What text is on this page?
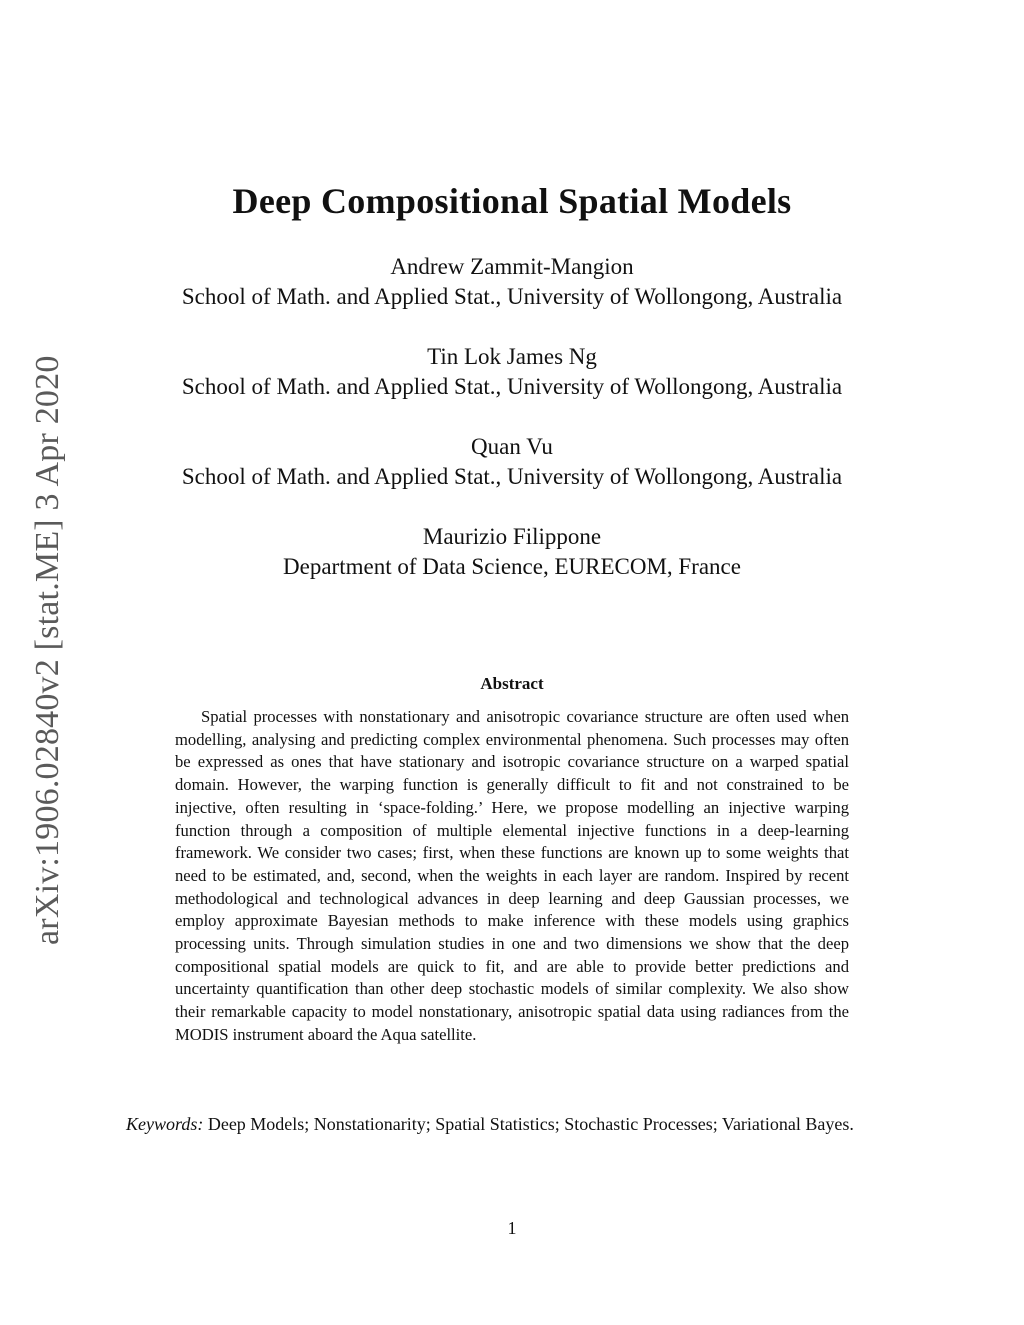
arXiv:1906.02840v2 [stat.ME] 3 Apr 2020
Deep Compositional Spatial Models
Andrew Zammit-Mangion
School of Math. and Applied Stat., University of Wollongong, Australia
Tin Lok James Ng
School of Math. and Applied Stat., University of Wollongong, Australia
Quan Vu
School of Math. and Applied Stat., University of Wollongong, Australia
Maurizio Filippone
Department of Data Science, EURECOM, France
Abstract
Spatial processes with nonstationary and anisotropic covariance structure are often used when modelling, analysing and predicting complex environmental phenomena. Such processes may often be expressed as ones that have stationary and isotropic covariance structure on a warped spatial domain. However, the warping function is generally difficult to fit and not constrained to be injective, often resulting in ‘space-folding.’ Here, we propose modelling an injective warping function through a composition of multiple elemental injective functions in a deep-learning framework. We consider two cases; first, when these functions are known up to some weights that need to be estimated, and, second, when the weights in each layer are random. Inspired by recent methodological and technological advances in deep learning and deep Gaussian processes, we employ approximate Bayesian methods to make inference with these models using graphics processing units. Through simulation studies in one and two dimensions we show that the deep compositional spatial models are quick to fit, and are able to provide better predictions and uncertainty quantification than other deep stochastic models of similar complexity. We also show their remarkable capacity to model nonstationary, anisotropic spatial data using radiances from the MODIS instrument aboard the Aqua satellite.
Keywords: Deep Models; Nonstationarity; Spatial Statistics; Stochastic Processes; Variational Bayes.
1
